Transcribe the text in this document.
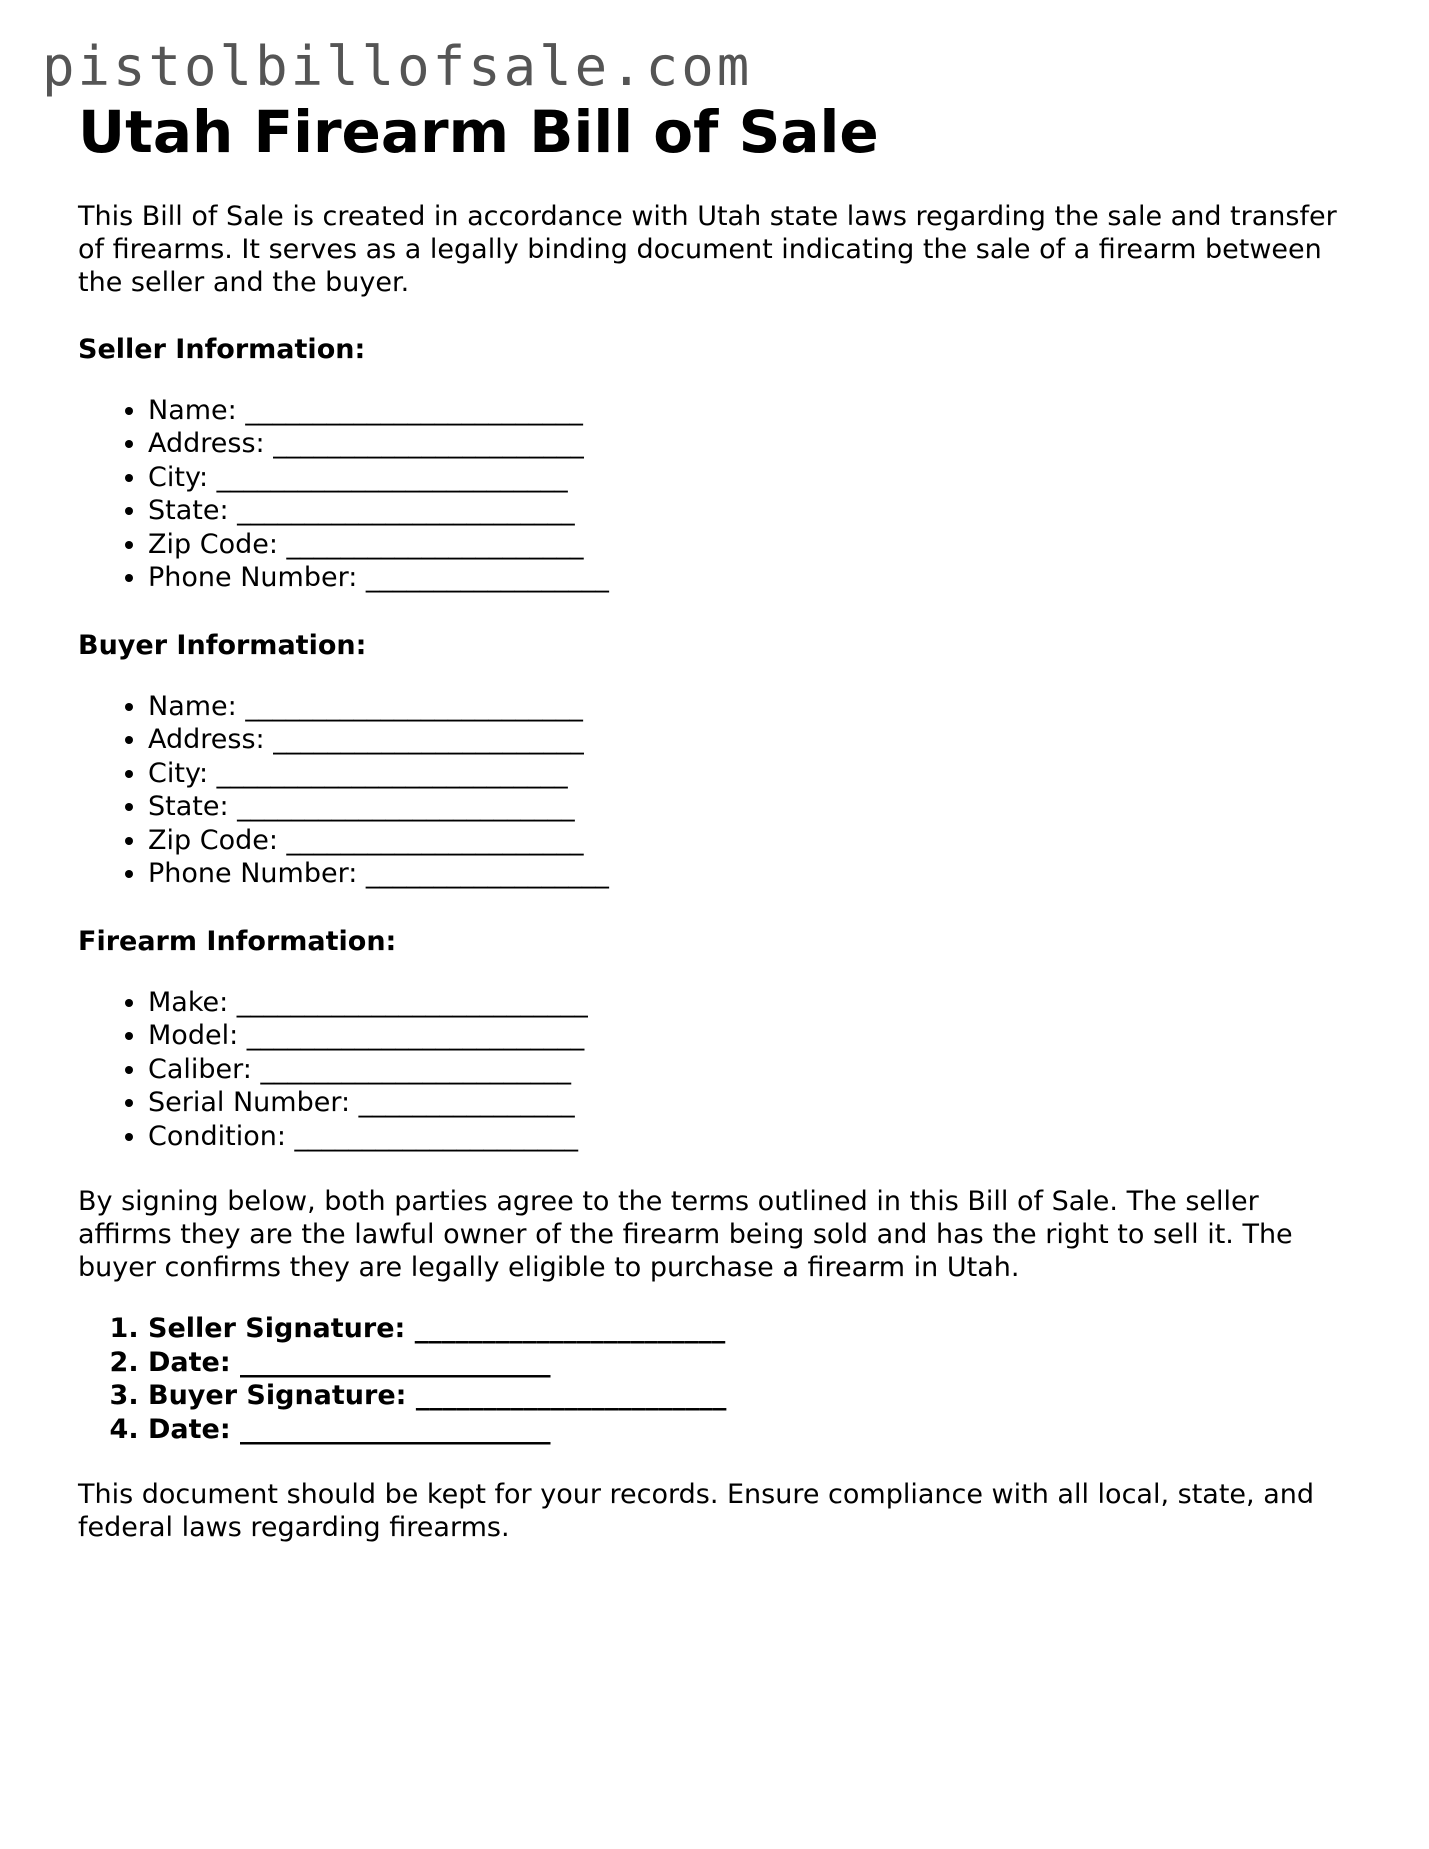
pistolbillofsale.com
Utah Firearm Bill of Sale

This Bill of Sale is created in accordance with Utah state laws regarding the sale and transfer of firearms. It serves as a legally binding document indicating the sale of a firearm between the seller and the buyer.

Seller Information:
• Name: _________________________
• Address: _______________________
• City: __________________________
• State: _________________________
• Zip Code: ______________________
• Phone Number: __________________
Buyer Information:
• Name: _________________________
• Address: _______________________
• City: __________________________
• State: _________________________
• Zip Code: ______________________
• Phone Number: __________________
Firearm Information:
• Make: __________________________
• Model: _________________________
• Caliber: _______________________
• Serial Number: ________________
• Condition: _____________________

By signing below, both parties agree to the terms outlined in this Bill of Sale. The seller affirms they are the lawful owner of the firearm being sold and has the right to sell it. The buyer confirms they are legally eligible to purchase a firearm in Utah.

1. Seller Signature: _______________________
2. Date: _______________________
3. Buyer Signature: _______________________
4. Date: _______________________

This document should be kept for your records. Ensure compliance with all local, state, and federal laws regarding firearms.
